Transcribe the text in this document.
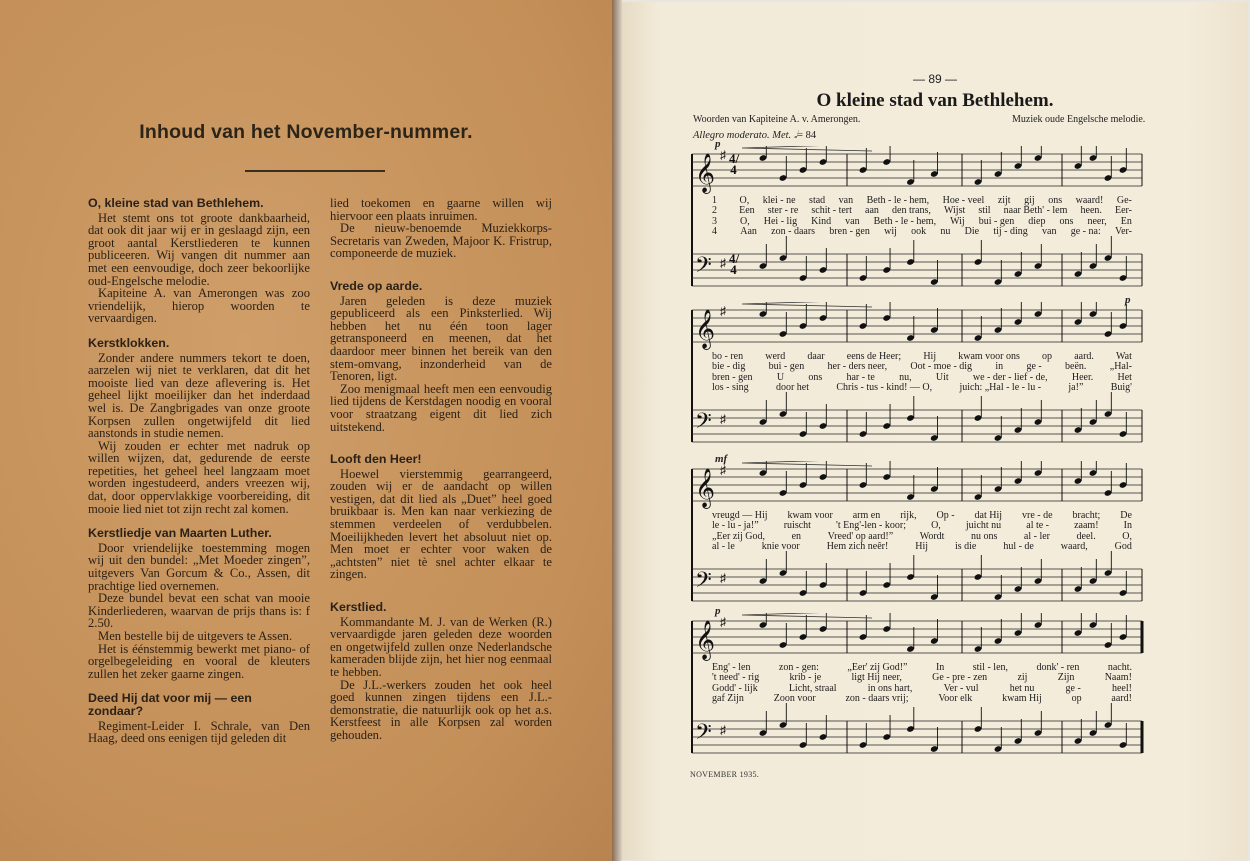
Inhoud van het November-nummer.
O, kleine stad van Bethlehem.

Het stemt ons tot groote dankbaarheid, dat ook dit jaar wij er in geslaagd zijn, een groot aantal Kerstliederen te kunnen publiceeren. Wij vangen dit nummer aan met een eenvoudige, doch zeer bekoorlijke oud-Engelsche melodie.

Kapiteine A. van Amerongen was zoo vriendelijk, hierop woorden te vervaardigen.

Kerstklokken.

Zonder andere nummers tekort te doen, aarzelen wij niet te verklaren, dat dit het mooiste lied van deze aflevering is. Het geheel lijkt moeilijker dan het inderdaad wel is. De Zangbrigades van onze groote Korpsen zullen ongetwijfeld dit lied aanstonds in studie nemen.

Wij zouden er echter met nadruk op willen wijzen, dat, gedurende de eerste repetities, het geheel heel langzaam moet worden ingestudeerd, anders vreezen wij, dat, door oppervlakkige voorbereiding, dit mooie lied niet tot zijn recht zal komen.

Kerstliedje van Maarten Luther.

Door vriendelijke toestemming mogen wij uit den bundel: „Met Moeder zingen”, uitgevers Van Gorcum & Co., Assen, dit prachtige lied overnemen.

Deze bundel bevat een schat van mooie Kinderliederen, waarvan de prijs thans is: f 2.50.

Men bestelle bij de uitgevers te Assen.

Het is éénstemmig bewerkt met piano- of orgelbegeleiding en vooral de kleuters zullen het zeker gaarne zingen.

Deed Hij dat voor mij — een zondaar?

Regiment-Leider I. Schrale, van Den Haag, deed ons eenigen tijd geleden dit

lied toekomen en gaarne willen wij hiervoor een plaats inruimen.

De nieuw-benoemde Muziekkorps-Secretaris van Zweden, Majoor K. Fristrup, componeerde de muziek.

Vrede op aarde.

Jaren geleden is deze muziek gepubliceerd als een Pinksterlied. Wij hebben het nu één toon lager getransponeerd en meenen, dat het daardoor meer binnen het bereik van den stem-omvang, inzonderheid van de Tenoren, ligt.

Zoo menigmaal heeft men een eenvoudig lied tijdens de Kerstdagen noodig en vooral voor straatzang eigent dit lied zich uitstekend.

Looft den Heer!

Hoewel vierstemmig gearrangeerd, zouden wij er de aandacht op willen vestigen, dat dit lied als „Duet” heel goed bruikbaar is. Men kan naar verkiezing de stemmen verdeelen of verdubbelen. Moeilijkheden levert het absoluut niet op. Men moet er echter voor waken de „achtsten” niet tè snel achter elkaar te zingen.

Kerstlied.

Kommandante M. J. van de Werken (R.) vervaardigde jaren geleden deze woorden en ongetwijfeld zullen onze Nederlandsche kameraden blijde zijn, het hier nog eenmaal te hebben.

De J.L.-werkers zouden het ook heel goed kunnen zingen tijdens een J.L.-demonstratie, die natuurlijk ook op het a.s. Kerstfeest in alle Korpsen zal worden gehouden.

— 89 —
O kleine stad van Bethlehem.
Woorden van Kapiteine A. v. Amerongen.	Muziek oude Engelsche melodie.
Allegro moderato. Met. 𝅗𝅥= 84
𝄞 ♯
𝄢 ♯
𝄞 ♯
𝄢 ♯
𝄞 ♯
𝄢 ♯
𝄞 ♯
𝄢 ♯
4/4
4/4
p
1	O, klei - ne stad van Beth - le - hem, Hoe - veel zijt gij ons waard! Ge-
2	Een ster - re schit - tert aan den trans, Wijst stil naar Beth' - lem heen. Eer-
3	O, Hei - lig Kind van Beth - le - hem, Wij bui - gen diep ons neer, En
4	Aan zon - daars bren - gen wij ook nu Die tij - ding van ge - na: Ver-
p
bo - ren werd daar eens de Heer; Hij kwam voor ons op aard. Wat
bie - dig bui - gen her - ders neer, Oot - moe - dig in ge - beën. „Hal-
bren - gen U ons har - te nu, Uit we - der - lief - de, Heer. Het
los - sing	door het	Chris - tus - kind! — O,	juich: „Hal - le - lu -	ja!”	Buig'
mf
vreugd — Hij kwam voor arm en rijk, Op - dat Hij vre - de bracht; De
le - lu - ja!”	ruischt	't Eng'-len - koor;	O,	juicht nu	al te -	zaam!	In
„Eer zij God,	en	Vreed' op aard!”	Wordt	nu ons	al - ler	deel.	O,
al - le	knie voor	Hem zich neêr!	Hij	is die	hul - de	waard,	God
p
Eng' - len	zon - gen:	„Eer' zij God!”	In	stil - len,	donk' - ren	nacht.
't need' - rig	krib - je	ligt Hij neer,	Ge - pre - zen	zij	Zijn	Naam!
Godd' - lijk	Licht, straal	in ons hart,	Ver - vul	het nu	ge -	heel!
gaf Zijn	Zoon voor	zon - daars vrij;	Voor elk	kwam Hij	op	aard!
NOVEMBER 1935.
